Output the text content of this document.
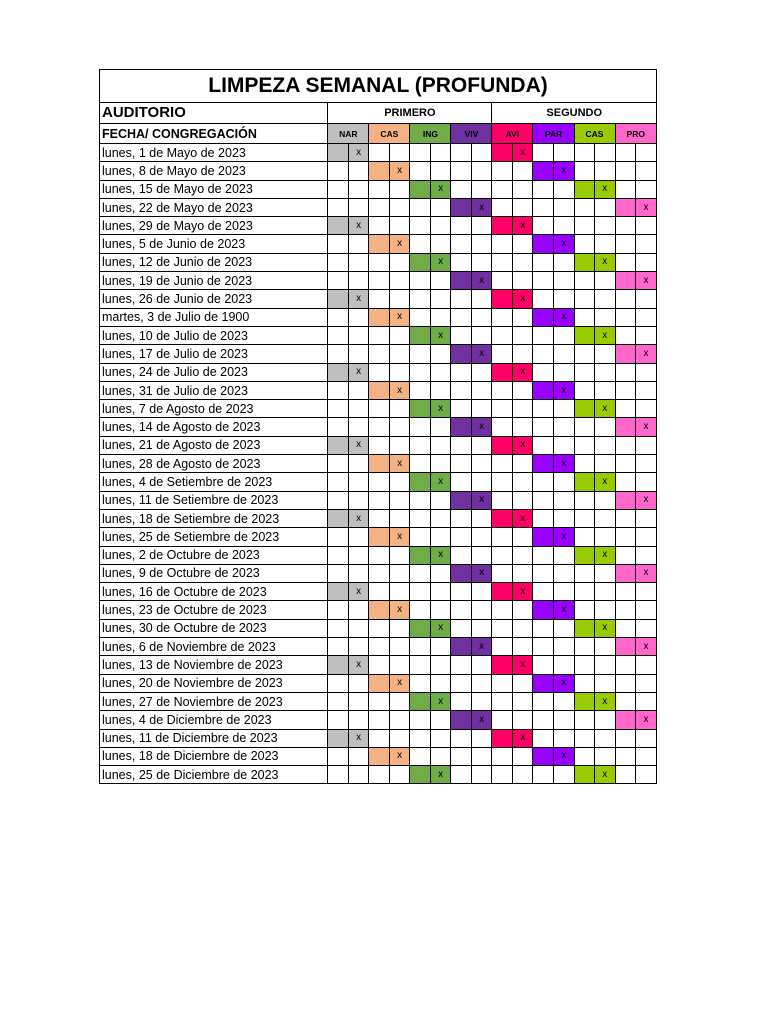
LIMPEZA SEMANAL (PROFUNDA)																
AUDITORIO	PRIMERO								SEGUNDO							
FECHA/ CONGREGACIÓN	NAR		CAS		ING		VIV		AVI		PAR		CAS		PRO	
lunes, 1 de Mayo de 2023		x								x						
lunes, 8 de Mayo de 2023				x								x				
lunes, 15 de Mayo de 2023						x								x		
lunes, 22 de Mayo de 2023								x								x
lunes, 29 de Mayo de 2023		x								x						
lunes, 5 de Junio de 2023				x								x				
lunes, 12 de Junio de 2023						x								x		
lunes, 19 de Junio de 2023								x								x
lunes, 26 de Junio de 2023		x								x						
martes, 3 de Julio de 1900				x								x				
lunes, 10 de Julio de 2023						x								x		
lunes, 17 de Julio de 2023								x								x
lunes, 24 de Julio de 2023		x								x						
lunes, 31 de Julio de 2023				x								x				
lunes, 7 de Agosto de 2023						x								x		
lunes, 14 de Agosto de 2023								x								x
lunes, 21 de Agosto de 2023		x								x						
lunes, 28 de Agosto de 2023				x								x				
lunes, 4 de Setiembre de 2023						x								x		
lunes, 11 de Setiembre de 2023								x								x
lunes, 18 de Setiembre de 2023		x								x						
lunes, 25 de Setiembre de 2023				x								x				
lunes, 2 de Octubre de 2023						x								x		
lunes, 9 de Octubre de 2023								x								x
lunes, 16 de Octubre de 2023		x								x						
lunes, 23 de Octubre de 2023				x								x				
lunes, 30 de Octubre de 2023						x								x		
lunes, 6 de Noviembre de 2023								x								x
lunes, 13 de Noviembre de 2023		x								x						
lunes, 20 de Noviembre de 2023				x								x				
lunes, 27 de Noviembre de 2023						x								x		
lunes, 4 de Diciembre de 2023								x								x
lunes, 11 de Diciembre de 2023		x								x						
lunes, 18 de Diciembre de 2023				x								x				
lunes, 25 de Diciembre de 2023						x								x		
